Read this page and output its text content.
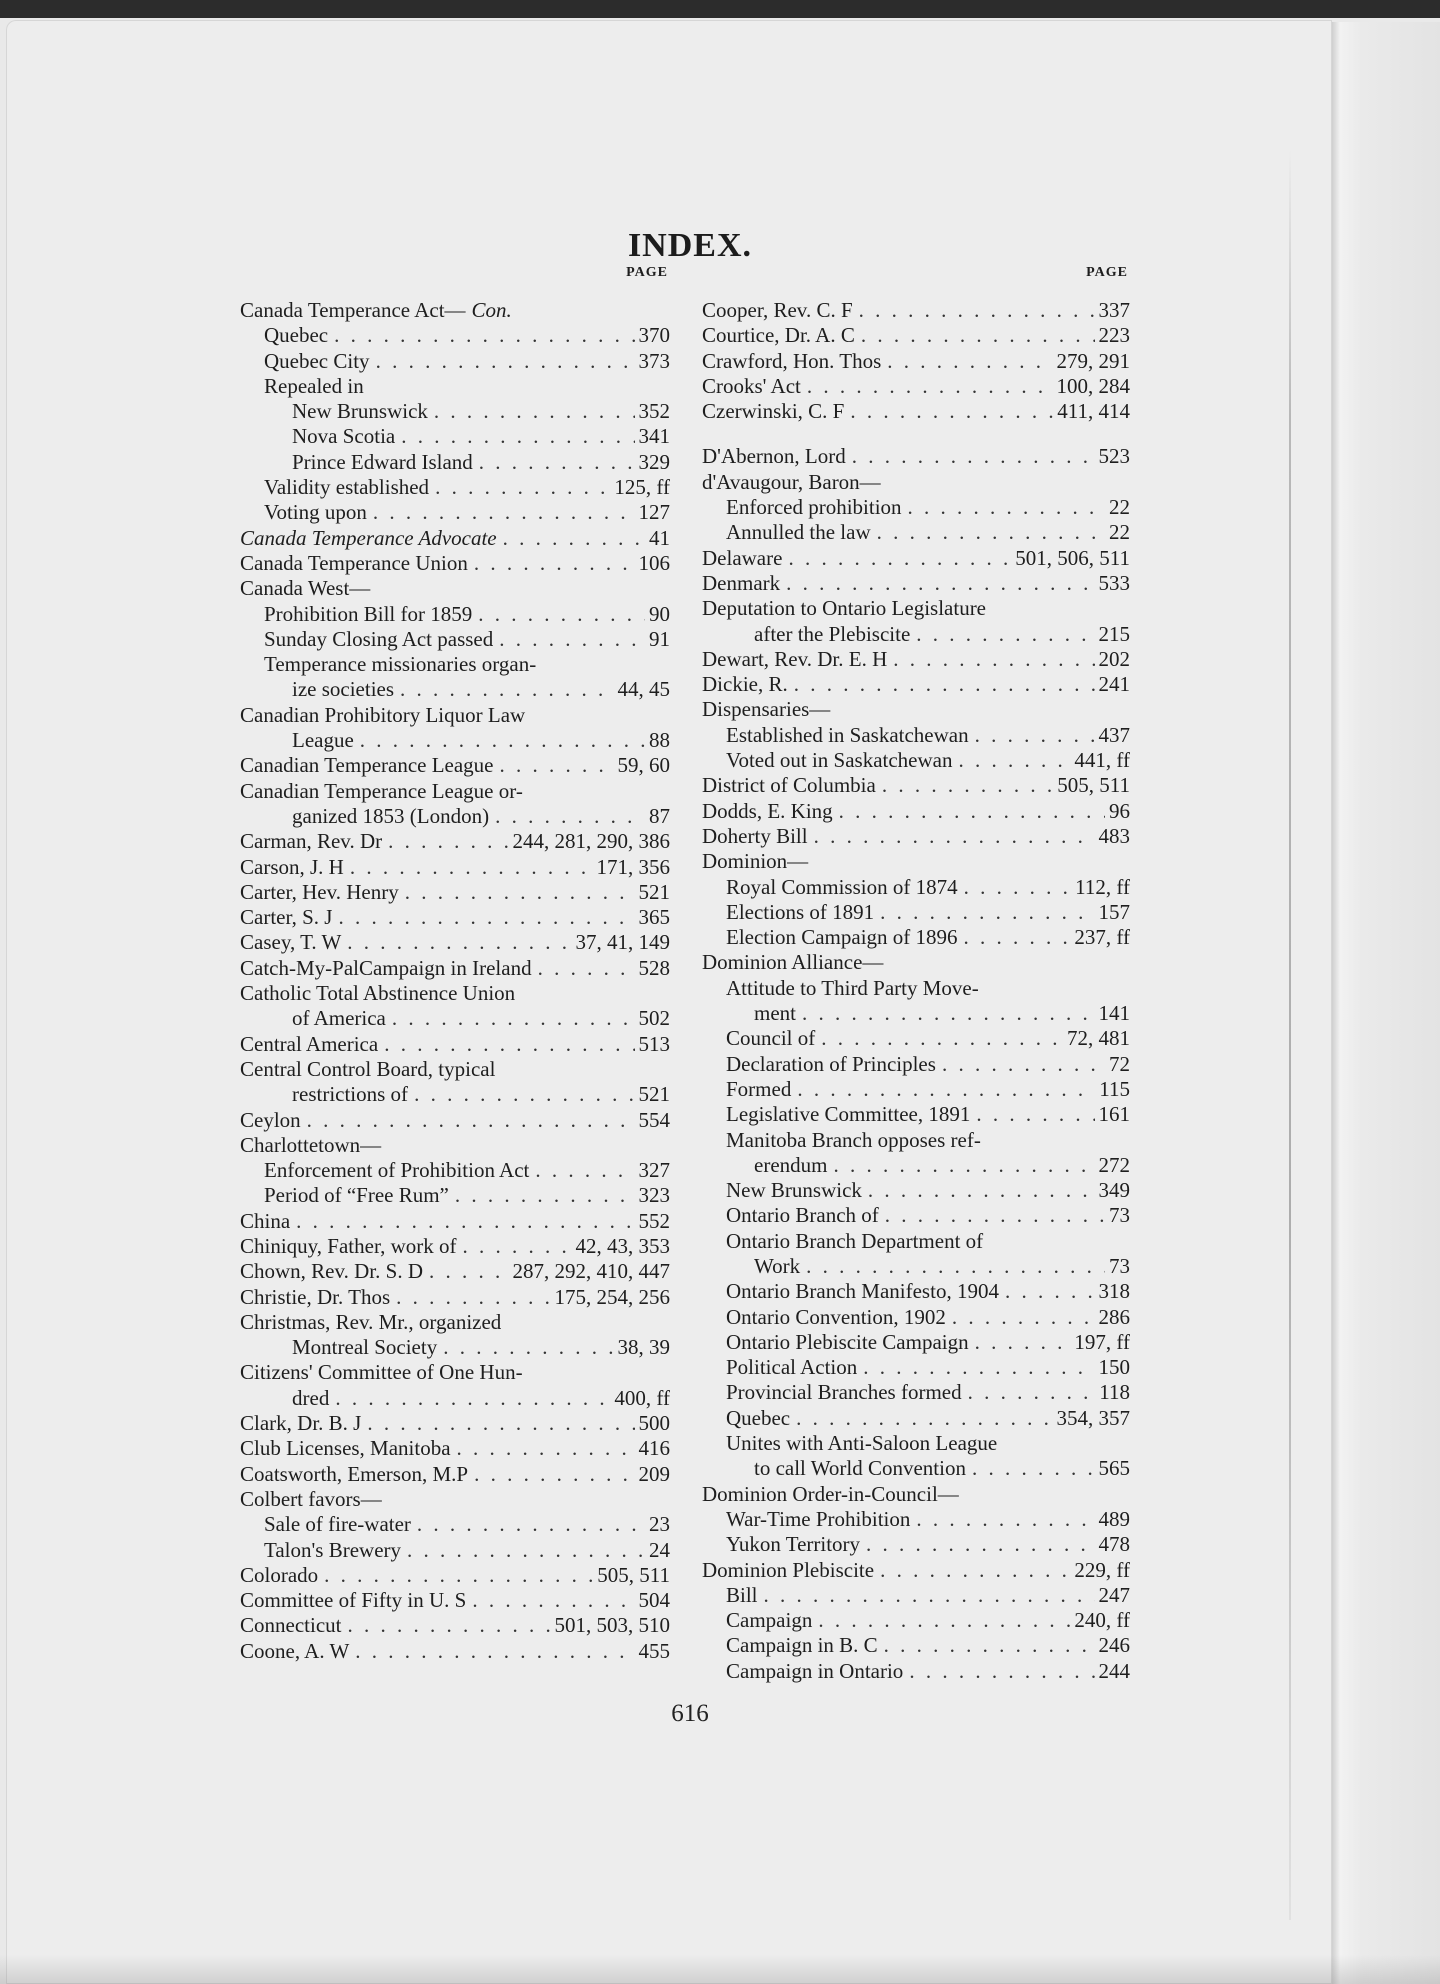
INDEX.
PAGE
Canada Temperance Act— Con.
Quebec . . .	370
Quebec City . . .	373
Repealed in
New Brunswick . . .	352
Nova Scotia . . .	341
Prince Edward Island . . .	329
Validity established . . .	125, ff
Voting upon . . .	127
Canada Temperance Advocate . . .	41
Canada Temperance Union . . .	106
Canada West—
Prohibition Bill for 1859 . . .	90
Sunday Closing Act passed . . .	91
Temperance missionaries organ-
ize societies . . .	44, 45
Canadian Prohibitory Liquor Law
League . . .	88
Canadian Temperance League . . .	59, 60
Canadian Temperance League or-
ganized 1853 (London) . . .	87
Carman, Rev. Dr . . .	244, 281, 290, 386
Carson, J. H . . .	171, 356
Carter, Hev. Henry . . .	521
Carter, S. J . . .	365
Casey, T. W . . .	37, 41, 149
Catch-My-PalCampaign in Ireland . . .	528
Catholic Total Abstinence Union
of America . . .	502
Central America . . .	513
Central Control Board, typical
restrictions of . . .	521
Ceylon . . .	554
Charlottetown—
Enforcement of Prohibition Act . . .	327
Period of “Free Rum” . . .	323
China . . .	552
Chiniquy, Father, work of . . .	42, 43, 353
Chown, Rev. Dr. S. D . . .	287, 292, 410, 447
Christie, Dr. Thos . . .	175, 254, 256
Christmas, Rev. Mr., organized
Montreal Society . . .	38, 39
Citizens' Committee of One Hun-
dred . . .	400, ff
Clark, Dr. B. J . . .	500
Club Licenses, Manitoba . . .	416
Coatsworth, Emerson, M.P . . .	209
Colbert favors—
Sale of fire-water . . .	23
Talon's Brewery . . .	24
Colorado . . .	505, 511
Committee of Fifty in U. S . . .	504
Connecticut . . .	501, 503, 510
Coone, A. W . . .	455
PAGE
Cooper, Rev. C. F . . .	337
Courtice, Dr. A. C . . .	223
Crawford, Hon. Thos . . .	279, 291
Crooks' Act . . .	100, 284
Czerwinski, C. F . . .	411, 414
D'Abernon, Lord . . .	523
d'Avaugour, Baron—
Enforced prohibition . . .	22
Annulled the law . . .	22
Delaware . . .	501, 506, 511
Denmark . . .	533
Deputation to Ontario Legislature
after the Plebiscite . . .	215
Dewart, Rev. Dr. E. H . . .	202
Dickie, R. . . .	241
Dispensaries—
Established in Saskatchewan . . .	437
Voted out in Saskatchewan . . .	441, ff
District of Columbia . . .	505, 511
Dodds, E. King . . .	96
Doherty Bill . . .	483
Dominion—
Royal Commission of 1874 . . .	112, ff
Elections of 1891 . . .	157
Election Campaign of 1896 . . .	237, ff
Dominion Alliance—
Attitude to Third Party Move-
ment . . .	141
Council of . . .	72, 481
Declaration of Principles . . .	72
Formed . . .	115
Legislative Committee, 1891 . . .	161
Manitoba Branch opposes ref-
erendum . . .	272
New Brunswick . . .	349
Ontario Branch of . . .	73
Ontario Branch Department of
Work . . .	73
Ontario Branch Manifesto, 1904 . . .	318
Ontario Convention, 1902 . . .	286
Ontario Plebiscite Campaign . . .	197, ff
Political Action . . .	150
Provincial Branches formed . . .	118
Quebec . . .	354, 357
Unites with Anti-Saloon League
to call World Convention . . .	565
Dominion Order-in-Council—
War-Time Prohibition . . .	489
Yukon Territory . . .	478
Dominion Plebiscite . . .	229, ff
Bill . . .	247
Campaign . . .	240, ff
Campaign in B. C . . .	246
Campaign in Ontario . . .	244
616
